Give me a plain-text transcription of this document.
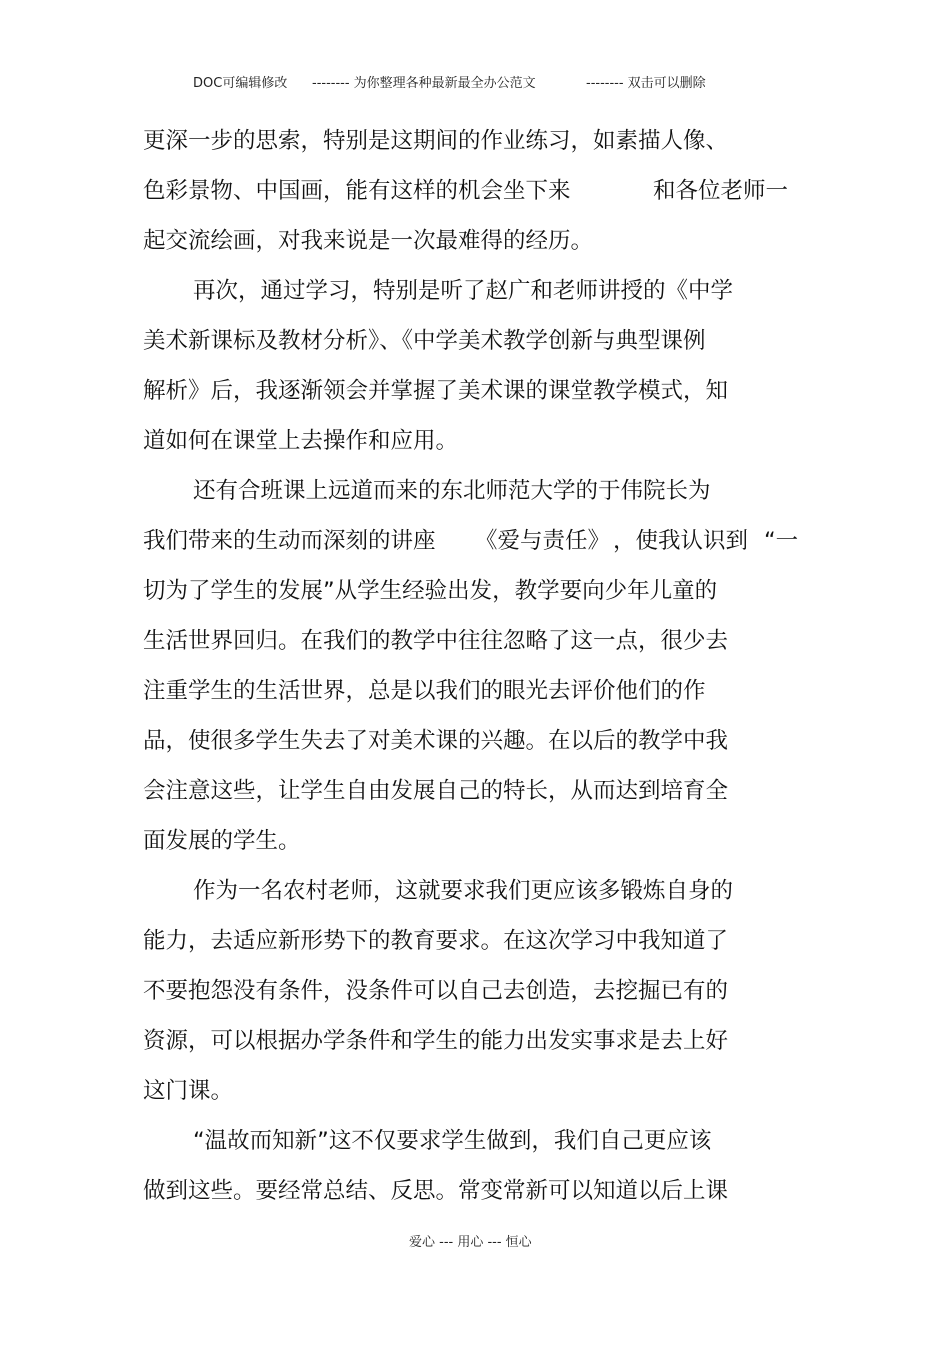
DOC可编辑修改 -------- 为你整理各种最新最全办公范文	-------- 双击可以删除
更深一步的思索，特别是这期间的作业练习，如素描人像、
色彩景物、中国画，能有这样的机会坐下来	和各位老师一
起交流绘画，对我来说是一次最难得的经历。
再次，通过学习，特别是听了赵广和老师讲授的《中学
美术新课标及教材分析》、《中学美术教学创新与典型课例
解析》后，我逐渐领会并掌握了美术课的课堂教学模式，知
道如何在课堂上去操作和应用。
还有合班课上远道而来的东北师范大学的于伟院长为
我们带来的生动而深刻的讲座 《爱与责任》 ，使我认识到 “一
切为了学生的发展”从学生经验出发，教学要向少年儿童的
生活世界回归。在我们的教学中往往忽略了这一点，很少去
注重学生的生活世界，总是以我们的眼光去评价他们的作
品，使很多学生失去了对美术课的兴趣。在以后的教学中我
会注意这些，让学生自由发展自己的特长，从而达到培育全
面发展的学生。
作为一名农村老师，这就要求我们更应该多锻炼自身的
能力，去适应新形势下的教育要求。在这次学习中我知道了
不要抱怨没有条件，没条件可以自己去创造，去挖掘已有的
资源，可以根据办学条件和学生的能力出发实事求是去上好
这门课。
“温故而知新”这不仅要求学生做到，我们自己更应该
做到这些。要经常总结、反思。常变常新可以知道以后上课
爱心 --- 用心 --- 恒心
